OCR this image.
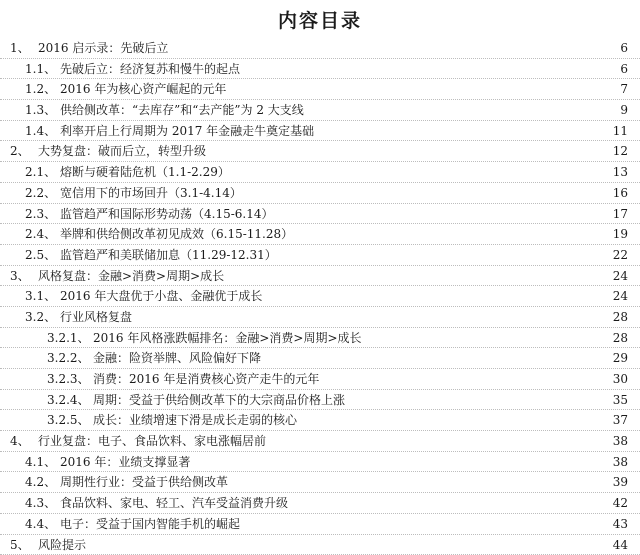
内容目录
1、 2016 启示录：先破后立	6
1.1、 先破后立：经济复苏和慢牛的起点	6
1.2、 2016 年为核心资产崛起的元年	7
1.3、 供给侧改革：“去库存”和“去产能”为 2 大支线	9
1.4、 利率开启上行周期为 2017 年金融走牛奠定基础	11
2、 大势复盘：破而后立，转型升级	12
2.1、 熔断与硬着陆危机（1.1-2.29）	13
2.2、 宽信用下的市场回升（3.1-4.14）	16
2.3、 监管趋严和国际形势动荡（4.15-6.14）	17
2.4、 举牌和供给侧改革初见成效（6.15-11.28）	19
2.5、 监管趋严和美联储加息（11.29-12.31）	22
3、 风格复盘：金融>消费>周期>成长	24
3.1、 2016 年大盘优于小盘、金融优于成长	24
3.2、 行业风格复盘	28
3.2.1、 2016 年风格涨跌幅排名：金融>消费>周期>成长	28
3.2.2、 金融：险资举牌、风险偏好下降	29
3.2.3、 消费：2016 年是消费核心资产走牛的元年	30
3.2.4、 周期：受益于供给侧改革下的大宗商品价格上涨	35
3.2.5、 成长：业绩增速下滑是成长走弱的核心	37
4、 行业复盘：电子、食品饮料、家电涨幅居前	38
4.1、 2016 年：业绩支撑显著	38
4.2、 周期性行业：受益于供给侧改革	39
4.3、 食品饮料、家电、轻工、汽车受益消费升级	42
4.4、 电子：受益于国内智能手机的崛起	43
5、 风险提示	44
